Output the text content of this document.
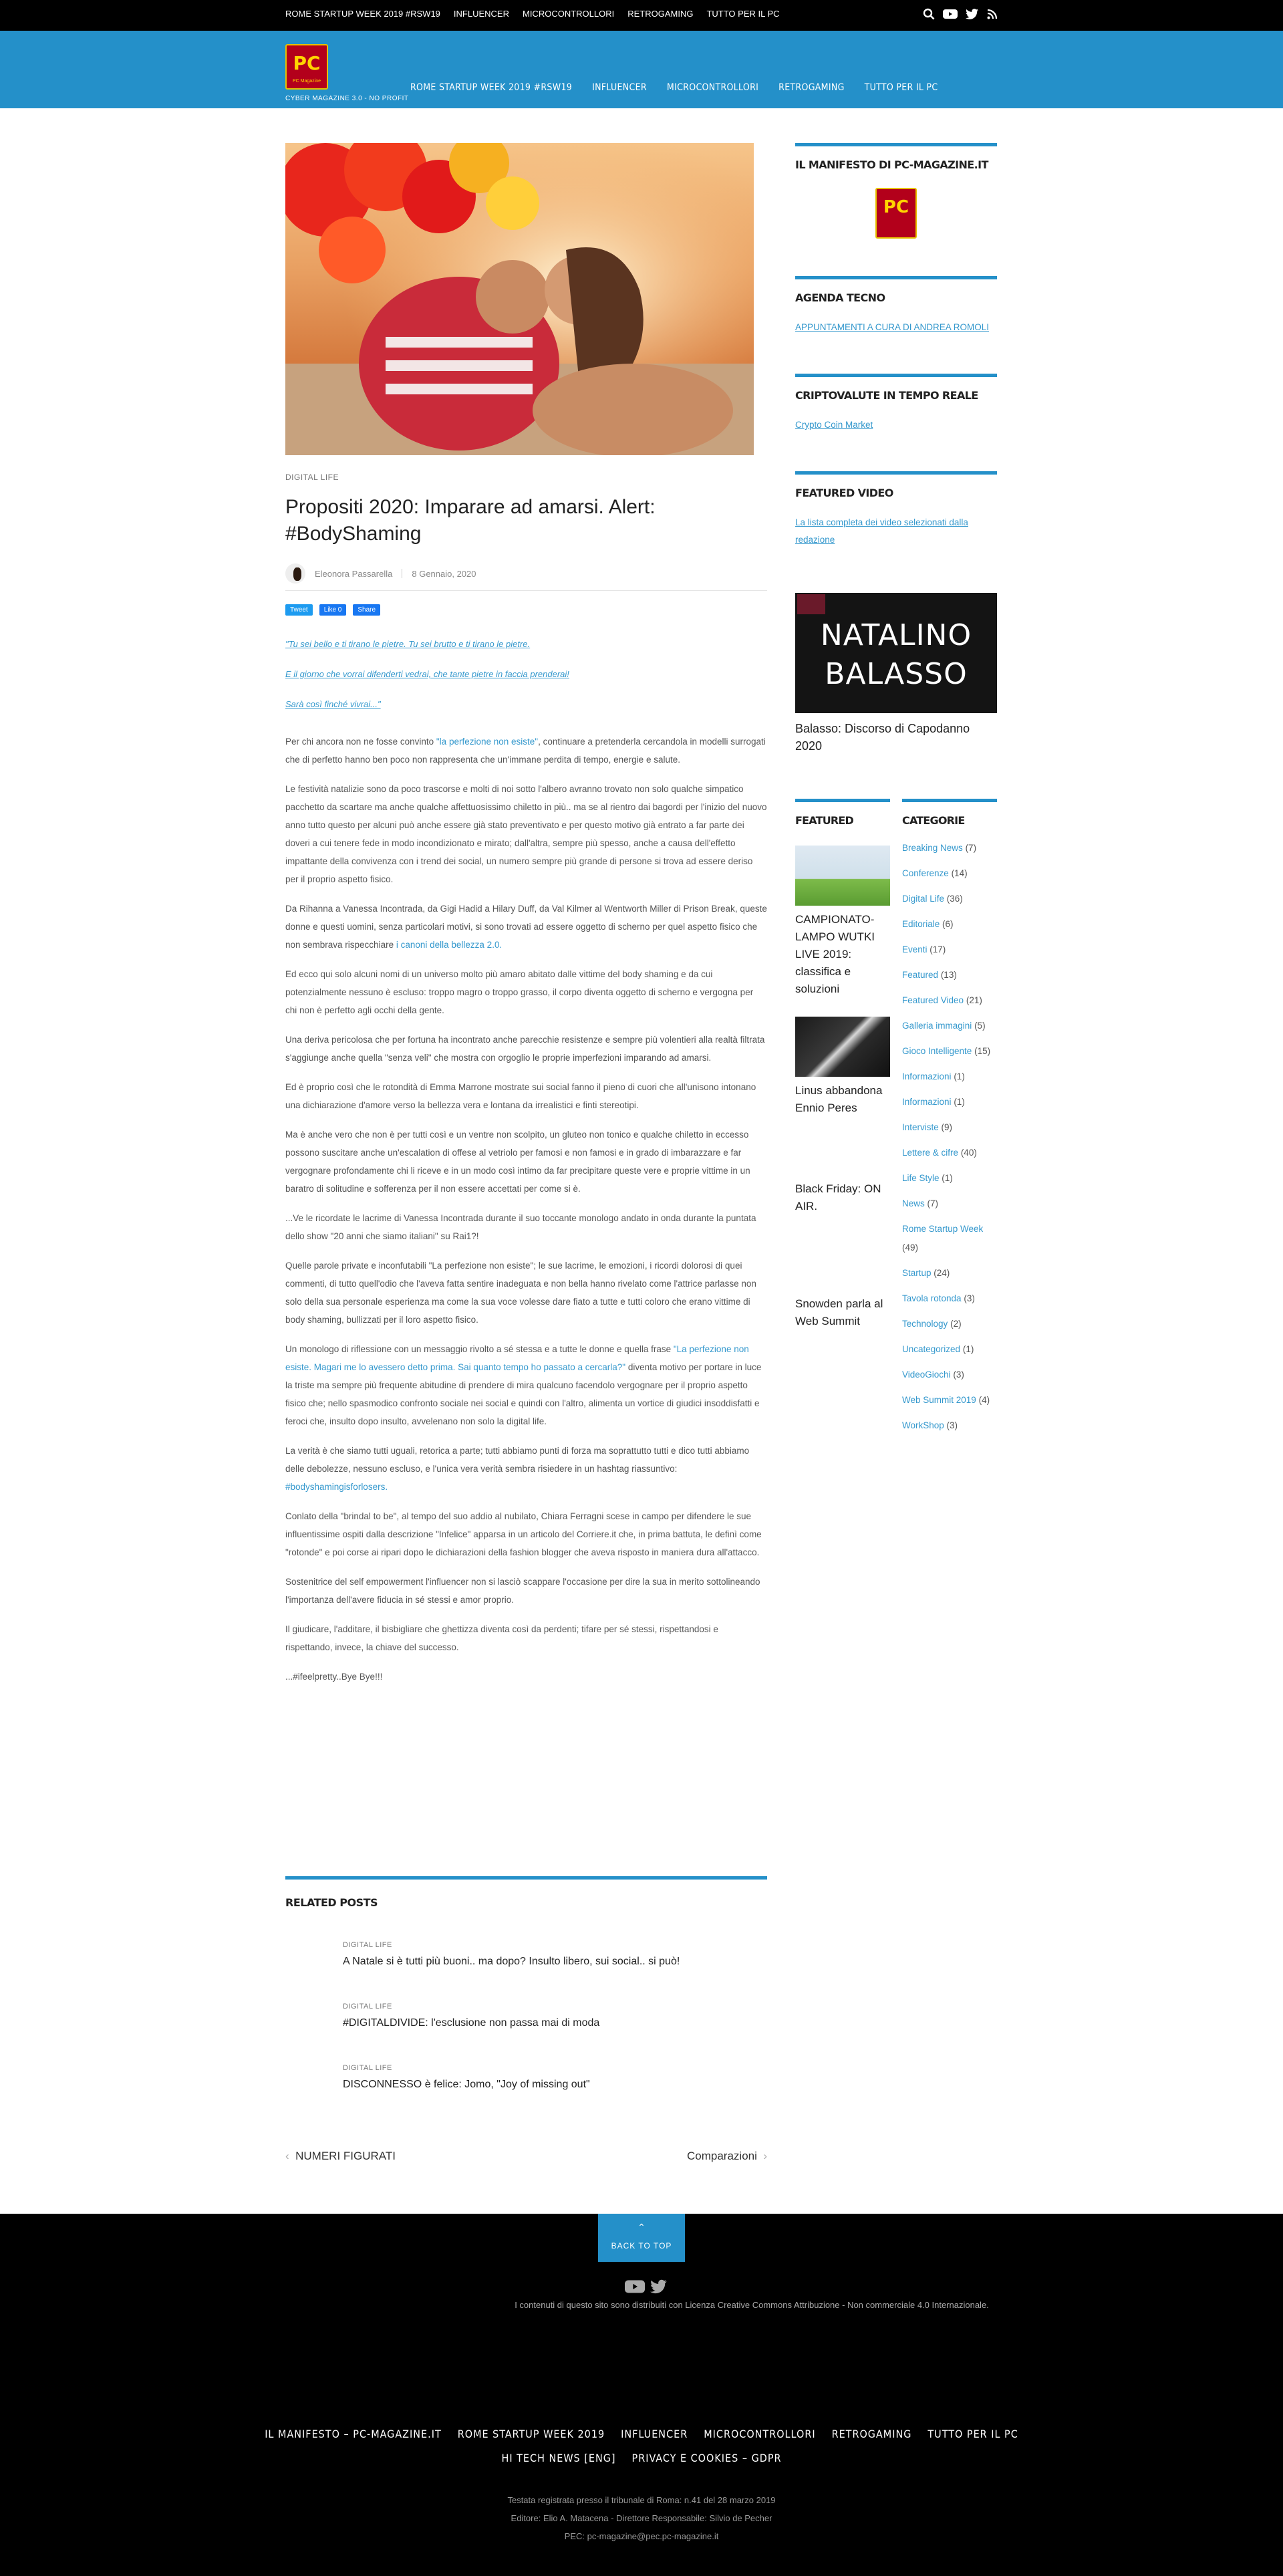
ROME STARTUP WEEK 2019 #RSW19 INFLUENCER MICROCONTROLLORI RETROGAMING TUTTO PER IL PC
PC
PC Magazine
CYBER MAGAZINE 3.0 - NO PROFIT
ROME STARTUP WEEK 2019 #RSW19 INFLUENCER MICROCONTROLLORI RETROGAMING TUTTO PER IL PC
DIGITAL LIFE
Propositi 2020: Imparare ad amarsi. Alert: #BodyShaming
Eleonora Passarella 8 Gennaio, 2020
Tweet	Like 0	Share

"Tu sei bello e ti tirano le pietre. Tu sei brutto e ti tirano le pietre.

E il giorno che vorrai difenderti vedrai, che tante pietre in faccia prenderai!

Sarà così finché vivrai..."

Per chi ancora non ne fosse convinto "la perfezione non esiste", continuare a pretenderla cercandola in modelli surrogati che di perfetto hanno ben poco non rappresenta che un'immane perdita di tempo, energie e salute.

Le festività natalizie sono da poco trascorse e molti di noi sotto l'albero avranno trovato non solo qualche simpatico pacchetto da scartare ma anche qualche affettuosissimo chiletto in più.. ma se al rientro dai bagordi per l'inizio del nuovo anno tutto questo per alcuni può anche essere già stato preventivato e per questo motivo già entrato a far parte dei doveri a cui tenere fede in modo incondizionato e mirato; dall'altra, sempre più spesso, anche a causa dell'effetto impattante della convivenza con i trend dei social, un numero sempre più grande di persone si trova ad essere deriso per il proprio aspetto fisico.

Da Rihanna a Vanessa Incontrada, da Gigi Hadid a Hilary Duff, da Val Kilmer al Wentworth Miller di Prison Break, queste donne e questi uomini, senza particolari motivi, si sono trovati ad essere oggetto di scherno per quel aspetto fisico che non sembrava rispecchiare i canoni della bellezza 2.0.

Ed ecco qui solo alcuni nomi di un universo molto più amaro abitato dalle vittime del body shaming e da cui potenzialmente nessuno è escluso: troppo magro o troppo grasso, il corpo diventa oggetto di scherno e vergogna per chi non è perfetto agli occhi della gente.

Una deriva pericolosa che per fortuna ha incontrato anche parecchie resistenze e sempre più volentieri alla realtà filtrata s'aggiunge anche quella "senza veli" che mostra con orgoglio le proprie imperfezioni imparando ad amarsi.

Ed è proprio così che le rotondità di Emma Marrone mostrate sui social fanno il pieno di cuori che all'unisono intonano una dichiarazione d'amore verso la bellezza vera e lontana da irrealistici e finti stereotipi.

Ma è anche vero che non è per tutti così e un ventre non scolpito, un gluteo non tonico e qualche chiletto in eccesso possono suscitare anche un'escalation di offese al vetriolo per famosi e non famosi e in grado di imbarazzare e far vergognare profondamente chi li riceve e in un modo così intimo da far precipitare queste vere e proprie vittime in un baratro di solitudine e sofferenza per il non essere accettati per come si è.

...Ve le ricordate le lacrime di Vanessa Incontrada durante il suo toccante monologo andato in onda durante la puntata dello show "20 anni che siamo italiani" su Rai1?!

Quelle parole private e inconfutabili "La perfezione non esiste"; le sue lacrime, le emozioni, i ricordi dolorosi di quei commenti, di tutto quell'odio che l'aveva fatta sentire inadeguata e non bella hanno rivelato come l'attrice parlasse non solo della sua personale esperienza ma come la sua voce volesse dare fiato a tutte e tutti coloro che erano vittime di body shaming, bullizzati per il loro aspetto fisico.

Un monologo di riflessione con un messaggio rivolto a sé stessa e a tutte le donne e quella frase "La perfezione non esiste. Magari me lo avessero detto prima. Sai quanto tempo ho passato a cercarla?" diventa motivo per portare in luce la triste ma sempre più frequente abitudine di prendere di mira qualcuno facendolo vergognare per il proprio aspetto fisico che; nello spasmodico confronto sociale nei social e quindi con l'altro, alimenta un vortice di giudici insoddisfatti e feroci che, insulto dopo insulto, avvelenano non solo la digital life.

La verità è che siamo tutti uguali, retorica a parte; tutti abbiamo punti di forza ma soprattutto tutti e dico tutti abbiamo delle debolezze, nessuno escluso, e l'unica vera verità sembra risiedere in un hashtag riassuntivo: #bodyshamingisforlosers.

Conlato della "brindal to be", al tempo del suo addio al nubilato, Chiara Ferragni scese in campo per difendere le sue influentissime ospiti dalla descrizione "Infelice" apparsa in un articolo del Corriere.it che, in prima battuta, le definì come "rotonde" e poi corse ai ripari dopo le dichiarazioni della fashion blogger che aveva risposto in maniera dura all'attacco.

Sostenitrice del self empowerment l'influencer non si lasciò scappare l'occasione per dire la sua in merito sottolineando l'importanza dell'avere fiducia in sé stessi e amor proprio.

Il giudicare, l'additare, il bisbigliare che ghettizza diventa così da perdenti; tifare per sé stessi, rispettandosi e rispettando, invece, la chiave del successo.

...#ifeelpretty..Bye Bye!!!

RELATED POSTS
DIGITAL LIFE
A Natale si è tutti più buoni.. ma dopo? Insulto libero, sui social.. si può!
DIGITAL LIFE
#DIGITALDIVIDE: l'esclusione non passa mai di moda
DIGITAL LIFE
DISCONNESSO è felice: Jomo, "Joy of missing out"
‹  NUMERI FIGURATI	Comparazioni  ›
IL MANIFESTO DI PC-MAGAZINE.IT
PC
AGENDA TECNO
APPUNTAMENTI A CURA DI ANDREA ROMOLI
CRIPTOVALUTE IN TEMPO REALE
Crypto Coin Market
FEATURED VIDEO
La lista completa dei video selezionati dalla redazione
NATALINO
BALASSO
Balasso: Discorso di Capodanno 2020
FEATURED
CAMPIONATO-LAMPO WUTKI LIVE 2019: classifica e soluzioni
Linus abbandona Ennio Peres
Black Friday: ON AIR.
Snowden parla al Web Summit
CATEGORIE
Breaking News (7)
Conferenze (14)
Digital Life (36)
Editoriale (6)
Eventi (17)
Featured (13)
Featured Video (21)
Galleria immagini (5)
Gioco Intelligente (15)
Informazioni (1)
Informazioni (1)
Interviste (9)
Lettere & cifre (40)
Life Style (1)
News (7)
Rome Startup Week (49)
Startup (24)
Tavola rotonda (3)
Technology (2)
Uncategorized (1)
VideoGiochi (3)
Web Summit 2019 (4)
WorkShop (3)
⌃
BACK TO TOP
I contenuti di questo sito sono distribuiti con Licenza Creative Commons Attribuzione - Non commerciale 4.0 Internazionale.
IL MANIFESTO – PC-MAGAZINE.IT ROME STARTUP WEEK 2019 INFLUENCER MICROCONTROLLORI RETROGAMING TUTTO PER IL PC
HI TECH NEWS [ENG] PRIVACY E COOKIES – GDPR
Testata registrata presso il tribunale di Roma: n.41 del 28 marzo 2019
Editore: Elio A. Matacena - Direttore Responsabile: Silvio de Pecher
PEC: pc-magazine@pec.pc-magazine.it
